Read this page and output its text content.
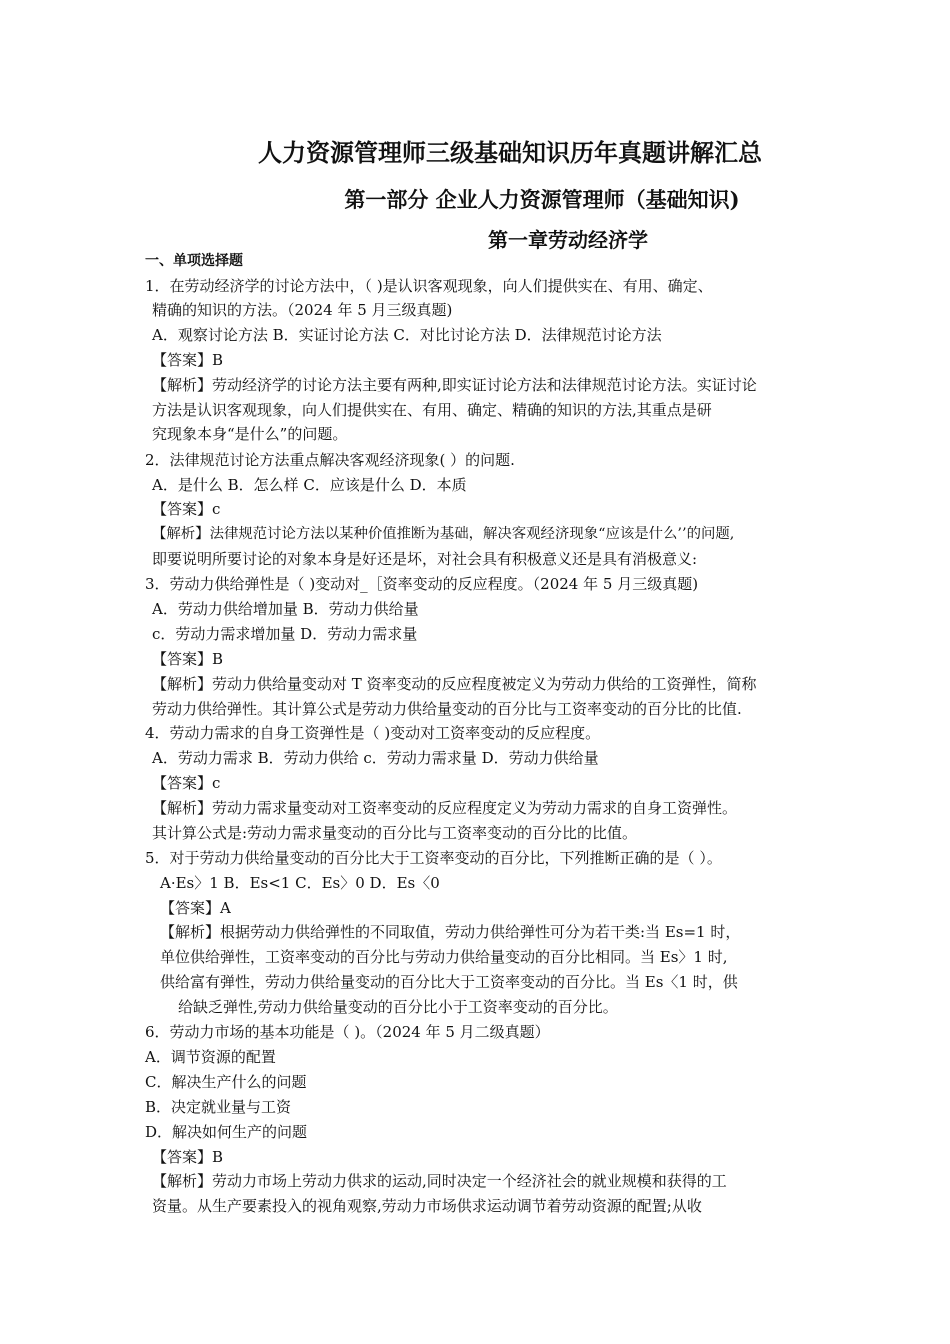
人力资源管理师三级基础知识历年真题讲解汇总
第一部分 企业人力资源管理师（基础知识)
第一章劳动经济学
一、单项选择题
1．在劳动经济学的讨论方法中，（ )是认识客观现象，向人们提供实在、有用、确定、
精确的知识的方法。（2024 年 5 月三级真题)
A．观察讨论方法 B．实证讨论方法 C．对比讨论方法 D．法律规范讨论方法
【答案】B
【解析】劳动经济学的讨论方法主要有两种,即实证讨论方法和法律规范讨论方法。实证讨论
方法是认识客观现象，向人们提供实在、有用、确定、精确的知识的方法,其重点是研
究现象本身“是什么”的问题。
2．法律规范讨论方法重点解决客观经济现象( ）的问题.
A．是什么 B．怎么样 C．应该是什么 D．本质
【答案】c
【解析】法律规范讨论方法以某种价值推断为基础，解决客观经济现象“应该是什么’’的问题,
即要说明所要讨论的对象本身是好还是坏，对社会具有积极意义还是具有消极意义:
3．劳动力供给弹性是（ )变动对_［资率变动的反应程度。（2024 年 5 月三级真题)
A．劳动力供给增加量 B．劳动力供给量
c．劳动力需求增加量 D．劳动力需求量
【答案】B
【解析】劳动力供给量变动对 T 资率变动的反应程度被定义为劳动力供给的工资弹性，简称
劳动力供给弹性。其计算公式是劳动力供给量变动的百分比与工资率变动的百分比的比值.
4．劳动力需求的自身工资弹性是（ )变动对工资率变动的反应程度。
A．劳动力需求 B．劳动力供给 c．劳动力需求量 D．劳动力供给量
【答案】c
【解析】劳动力需求量变动对工资率变动的反应程度定义为劳动力需求的自身工资弹性。
其计算公式是:劳动力需求量变动的百分比与工资率变动的百分比的比值。
5．对于劳动力供给量变动的百分比大于工资率变动的百分比，下列推断正确的是（ ）。
A·Es〉1 B．Es<1 C．Es〉0 D．Es〈0
【答案】A
【解析】根据劳动力供给弹性的不同取值，劳动力供给弹性可分为若干类:当 Es=1 时，
单位供给弹性，工资率变动的百分比与劳动力供给量变动的百分比相同。当 Es〉1 时,
供给富有弹性，劳动力供给量变动的百分比大于工资率变动的百分比。当 Es〈1 时，供
给缺乏弹性,劳动力供给量变动的百分比小于工资率变动的百分比。
6．劳动力市场的基本功能是（ )。（2024 年 5 月二级真题）
A．调节资源的配置
C．解决生产什么的问题
B．决定就业量与工资
D．解决如何生产的问题
【答案】B
【解析】劳动力市场上劳动力供求的运动,同时决定一个经济社会的就业规模和获得的工
资量。从生产要素投入的视角观察,劳动力市场供求运动调节着劳动资源的配置;从收
